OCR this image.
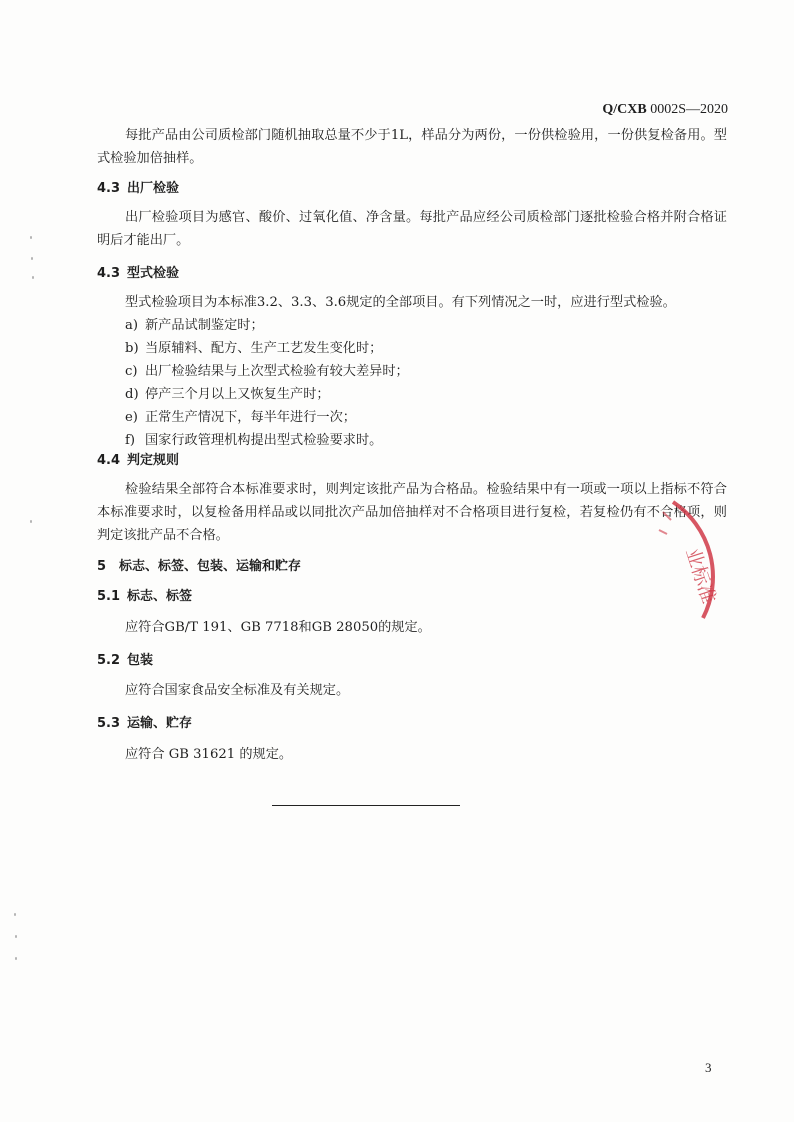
Q/CXB 0002S—2020
每批产品由公司质检部门随机抽取总量不少于1L，样品分为两份，一份供检验用，一份供复检备用。型式检验加倍抽样。
4.3 出厂检验
出厂检验项目为感官、酸价、过氧化值、净含量。每批产品应经公司质检部门逐批检验合格并附合格证明后才能出厂。
4.3 型式检验
型式检验项目为本标准3.2、3.3、3.6规定的全部项目。有下列情况之一时，应进行型式检验。
a) 新产品试制鉴定时；
b) 当原辅料、配方、生产工艺发生变化时；
c) 出厂检验结果与上次型式检验有较大差异时；
d) 停产三个月以上又恢复生产时；
e) 正常生产情况下，每半年进行一次；
f) 国家行政管理机构提出型式检验要求时。
4.4 判定规则
检验结果全部符合本标准要求时，则判定该批产品为合格品。检验结果中有一项或一项以上指标不符合本标准要求时，以复检备用样品或以同批次产品加倍抽样对不合格项目进行复检，若复检仍有不合格项，则判定该批产品不合格。
5 标志、标签、包装、运输和贮存
5.1 标志、标签
应符合GB/T 191、GB 7718和GB 28050的规定。
5.2 包装
应符合国家食品安全标准及有关规定。
5.3 运输、贮存
应符合 GB 31621 的规定。
业标准
3
